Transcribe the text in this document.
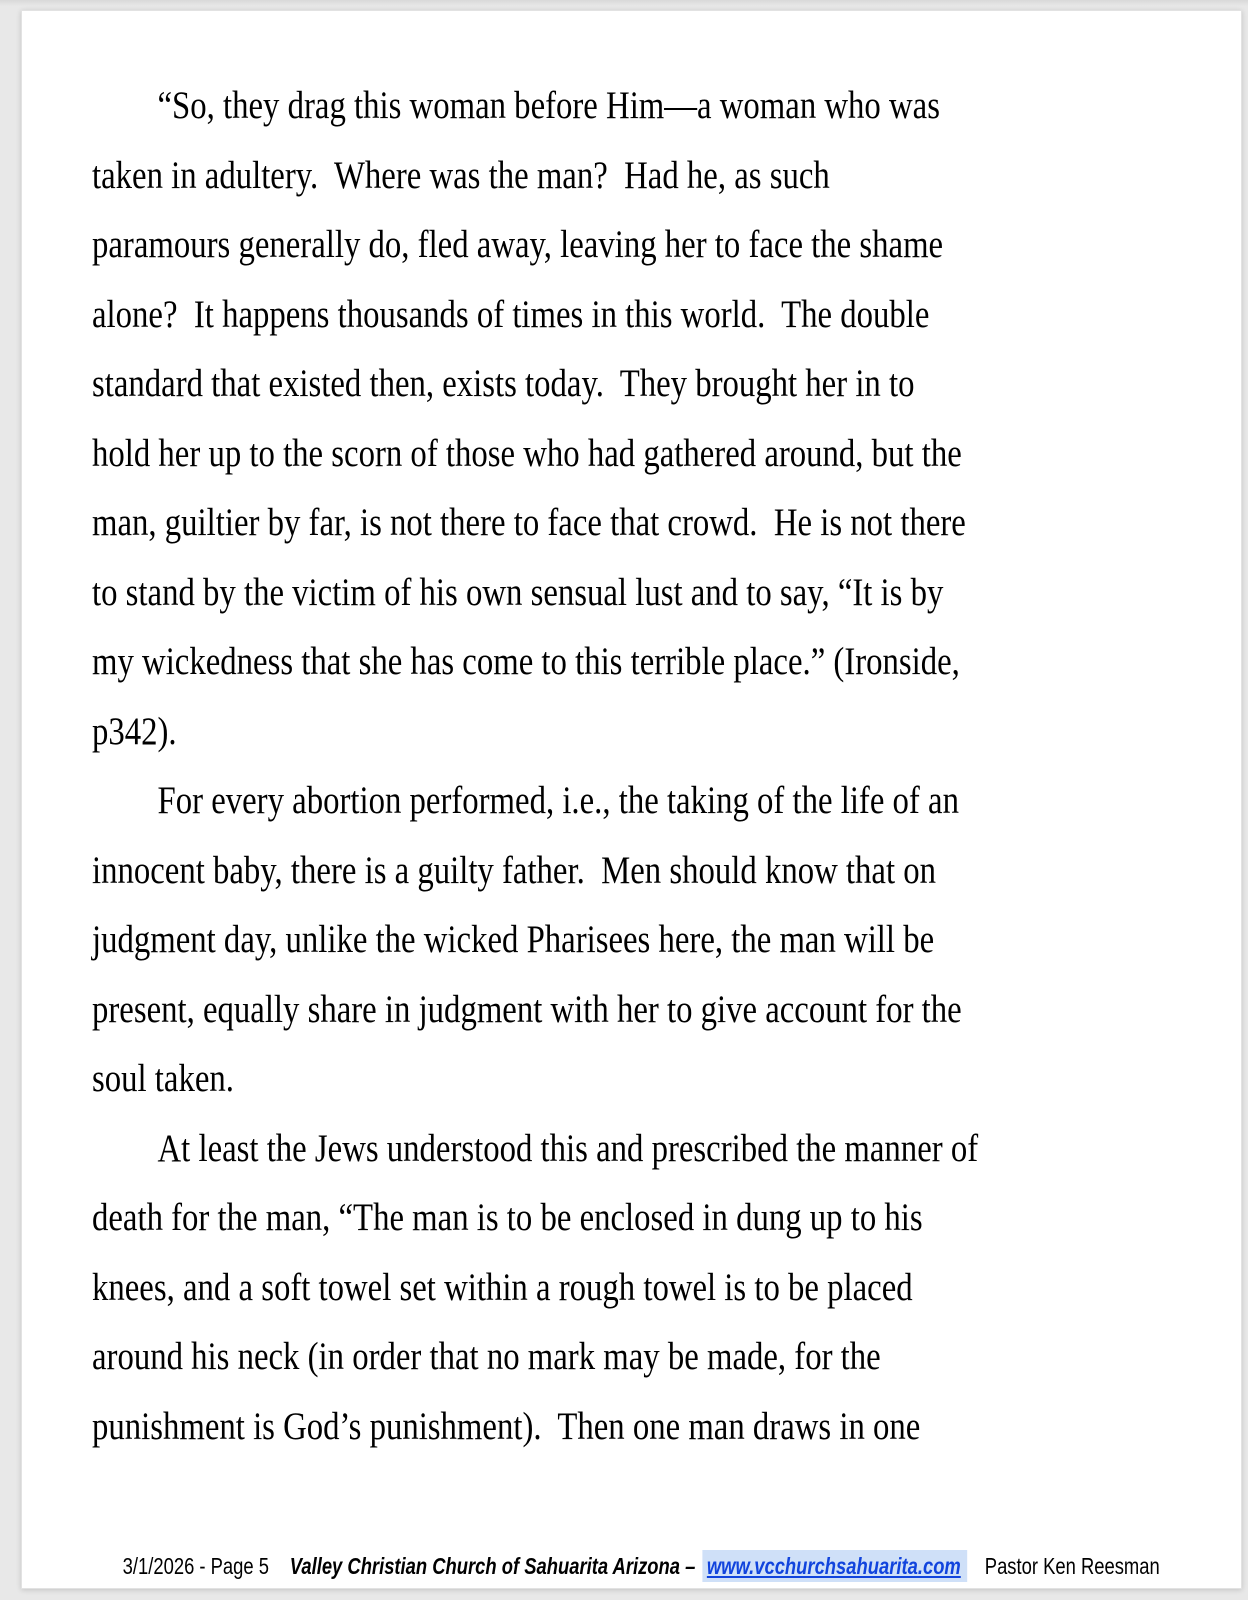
“So, they drag this woman before Him—a woman who was
taken in adultery.  Where was the man?  Had he, as such
paramours generally do, fled away, leaving her to face the shame
alone?  It happens thousands of times in this world.  The double
standard that existed then, exists today.  They brought her in to
hold her up to the scorn of those who had gathered around, but the
man, guiltier by far, is not there to face that crowd.  He is not there
to stand by the victim of his own sensual lust and to say, “It is by
my wickedness that she has come to this terrible place.” (Ironside,
p342).
For every abortion performed, i.e., the taking of the life of an
innocent baby, there is a guilty father.  Men should know that on
judgment day, unlike the wicked Pharisees here, the man will be
present, equally share in judgment with her to give account for the
soul taken.
At least the Jews understood this and prescribed the manner of
death for the man, “The man is to be enclosed in dung up to his
knees, and a soft towel set within a rough towel is to be placed
around his neck (in order that no mark may be made, for the
punishment is God’s punishment).  Then one man draws in one

3/1/2026 - Page 5 Valley Christian Church of Sahuarita Arizona – www.vcchurchsahuarita.com Pastor Ken Reesman
